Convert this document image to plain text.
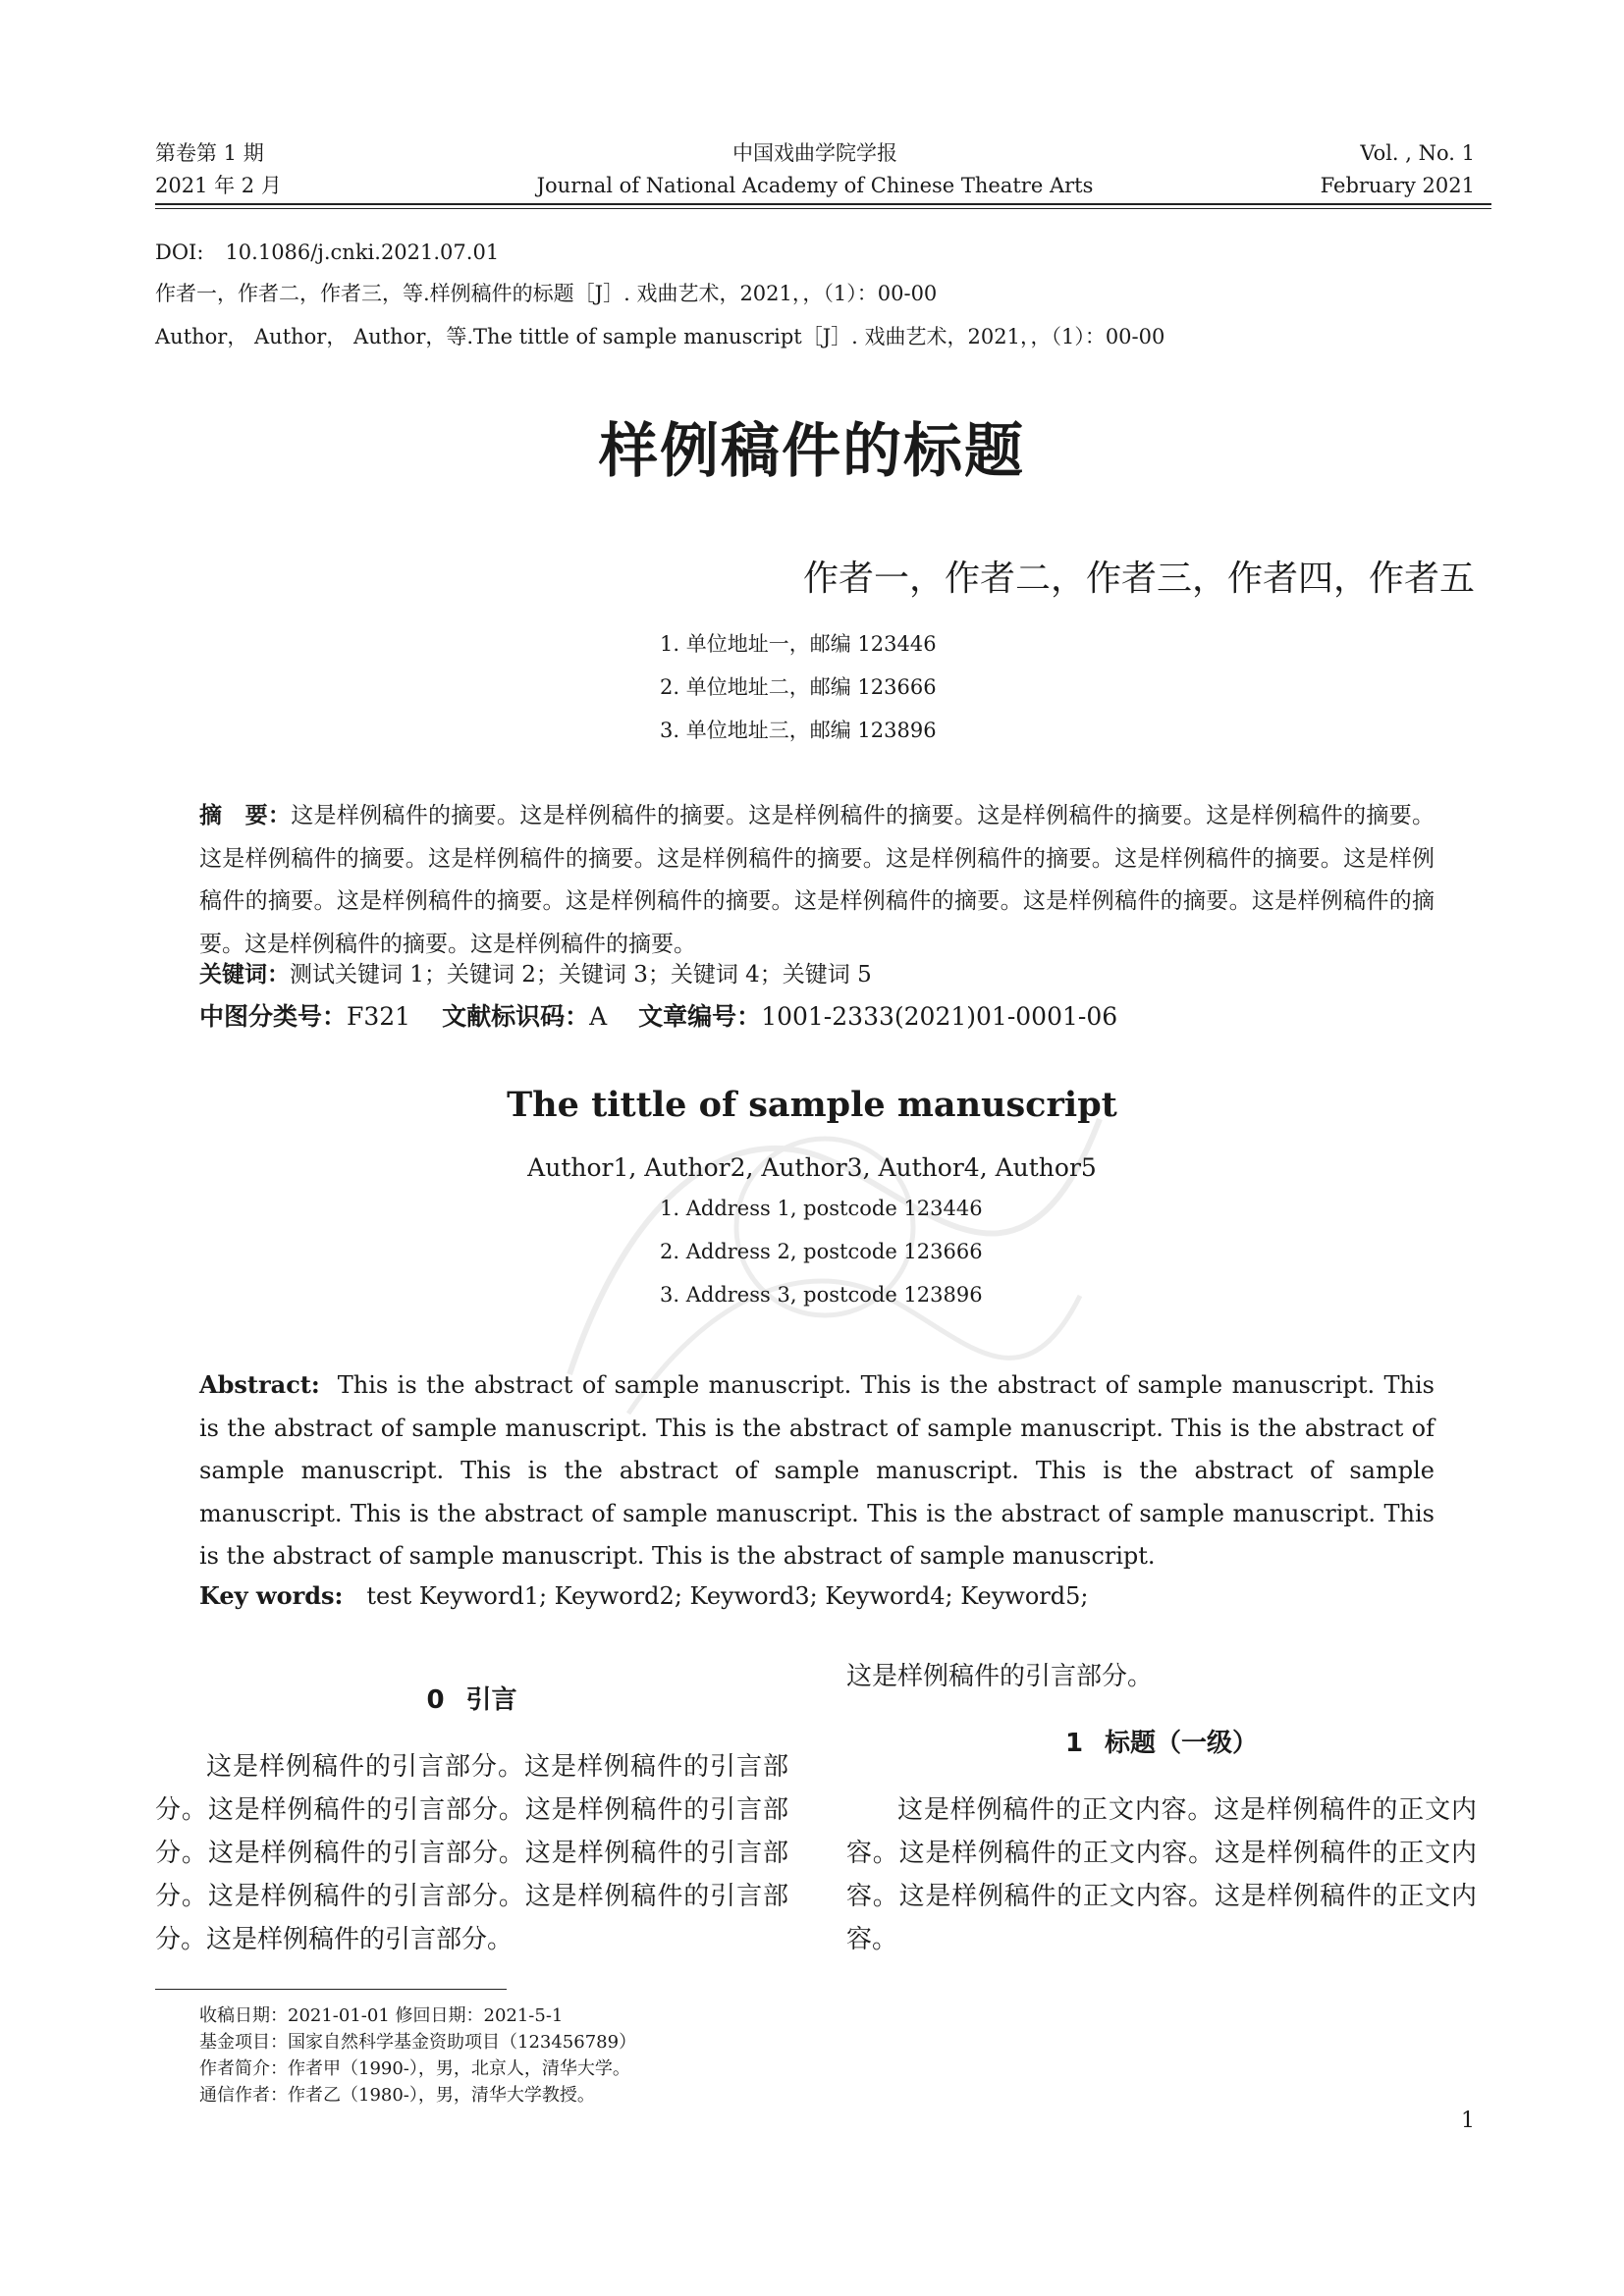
第卷第 1 期
2021 年 2 月
中国戏曲学院学报
Journal of National Academy of Chinese Theatre Arts
Vol. , No. 1
February 2021
DOI: 10.1086/j.cnki.2021.07.01
作者一，作者二，作者三，等.样例稿件的标题［J］. 戏曲艺术，2021，，（1）：00-00
Author， Author， Author，等.The tittle of sample manuscript［J］. 戏曲艺术，2021，，（1）：00-00
样例稿件的标题
作者一，作者二，作者三，作者四，作者五
1. 单位地址一，邮编 123446
2. 单位地址二，邮编 123666
3. 单位地址三，邮编 123896
摘　要：这是样例稿件的摘要。这是样例稿件的摘要。这是样例稿件的摘要。这是样例稿件的摘要。这是样例稿件的摘要。这是样例稿件的摘要。这是样例稿件的摘要。这是样例稿件的摘要。这是样例稿件的摘要。这是样例稿件的摘要。这是样例稿件的摘要。这是样例稿件的摘要。这是样例稿件的摘要。这是样例稿件的摘要。这是样例稿件的摘要。这是样例稿件的摘要。这是样例稿件的摘要。这是样例稿件的摘要。
关键词：测试关键词 1；关键词 2；关键词 3；关键词 4；关键词 5
中图分类号：F321 文献标识码：A 文章编号：1001-2333(2021)01-0001-06
The tittle of sample manuscript
Author1, Author2, Author3, Author4, Author5
1. Address 1, postcode 123446
2. Address 2, postcode 123666
3. Address 3, postcode 123896
Abstract: This is the abstract of sample manuscript. This is the abstract of sample manuscript. This is the abstract of sample manuscript. This is the abstract of sample manuscript. This is the abstract of sample manuscript. This is the abstract of sample manuscript. This is the abstract of sample manuscript. This is the abstract of sample manuscript. This is the abstract of sample manuscript. This is the abstract of sample manuscript. This is the abstract of sample manuscript.
Key words: test Keyword1; Keyword2; Keyword3; Keyword4; Keyword5;
0 引言

这是样例稿件的引言部分。这是样例稿件的引言部分。这是样例稿件的引言部分。这是样例稿件的引言部分。这是样例稿件的引言部分。这是样例稿件的引言部分。这是样例稿件的引言部分。这是样例稿件的引言部分。这是样例稿件的引言部分。

这是样例稿件的引言部分。

1 标题（一级）

这是样例稿件的正文内容。这是样例稿件的正文内容。这是样例稿件的正文内容。这是样例稿件的正文内容。这是样例稿件的正文内容。这是样例稿件的正文内容。

收稿日期：2021-01-01 修回日期：2021-5-1
基金项目：国家自然科学基金资助项目（123456789）
作者简介：作者甲（1990-），男，北京人，清华大学。
通信作者：作者乙（1980-），男，清华大学教授。
1
